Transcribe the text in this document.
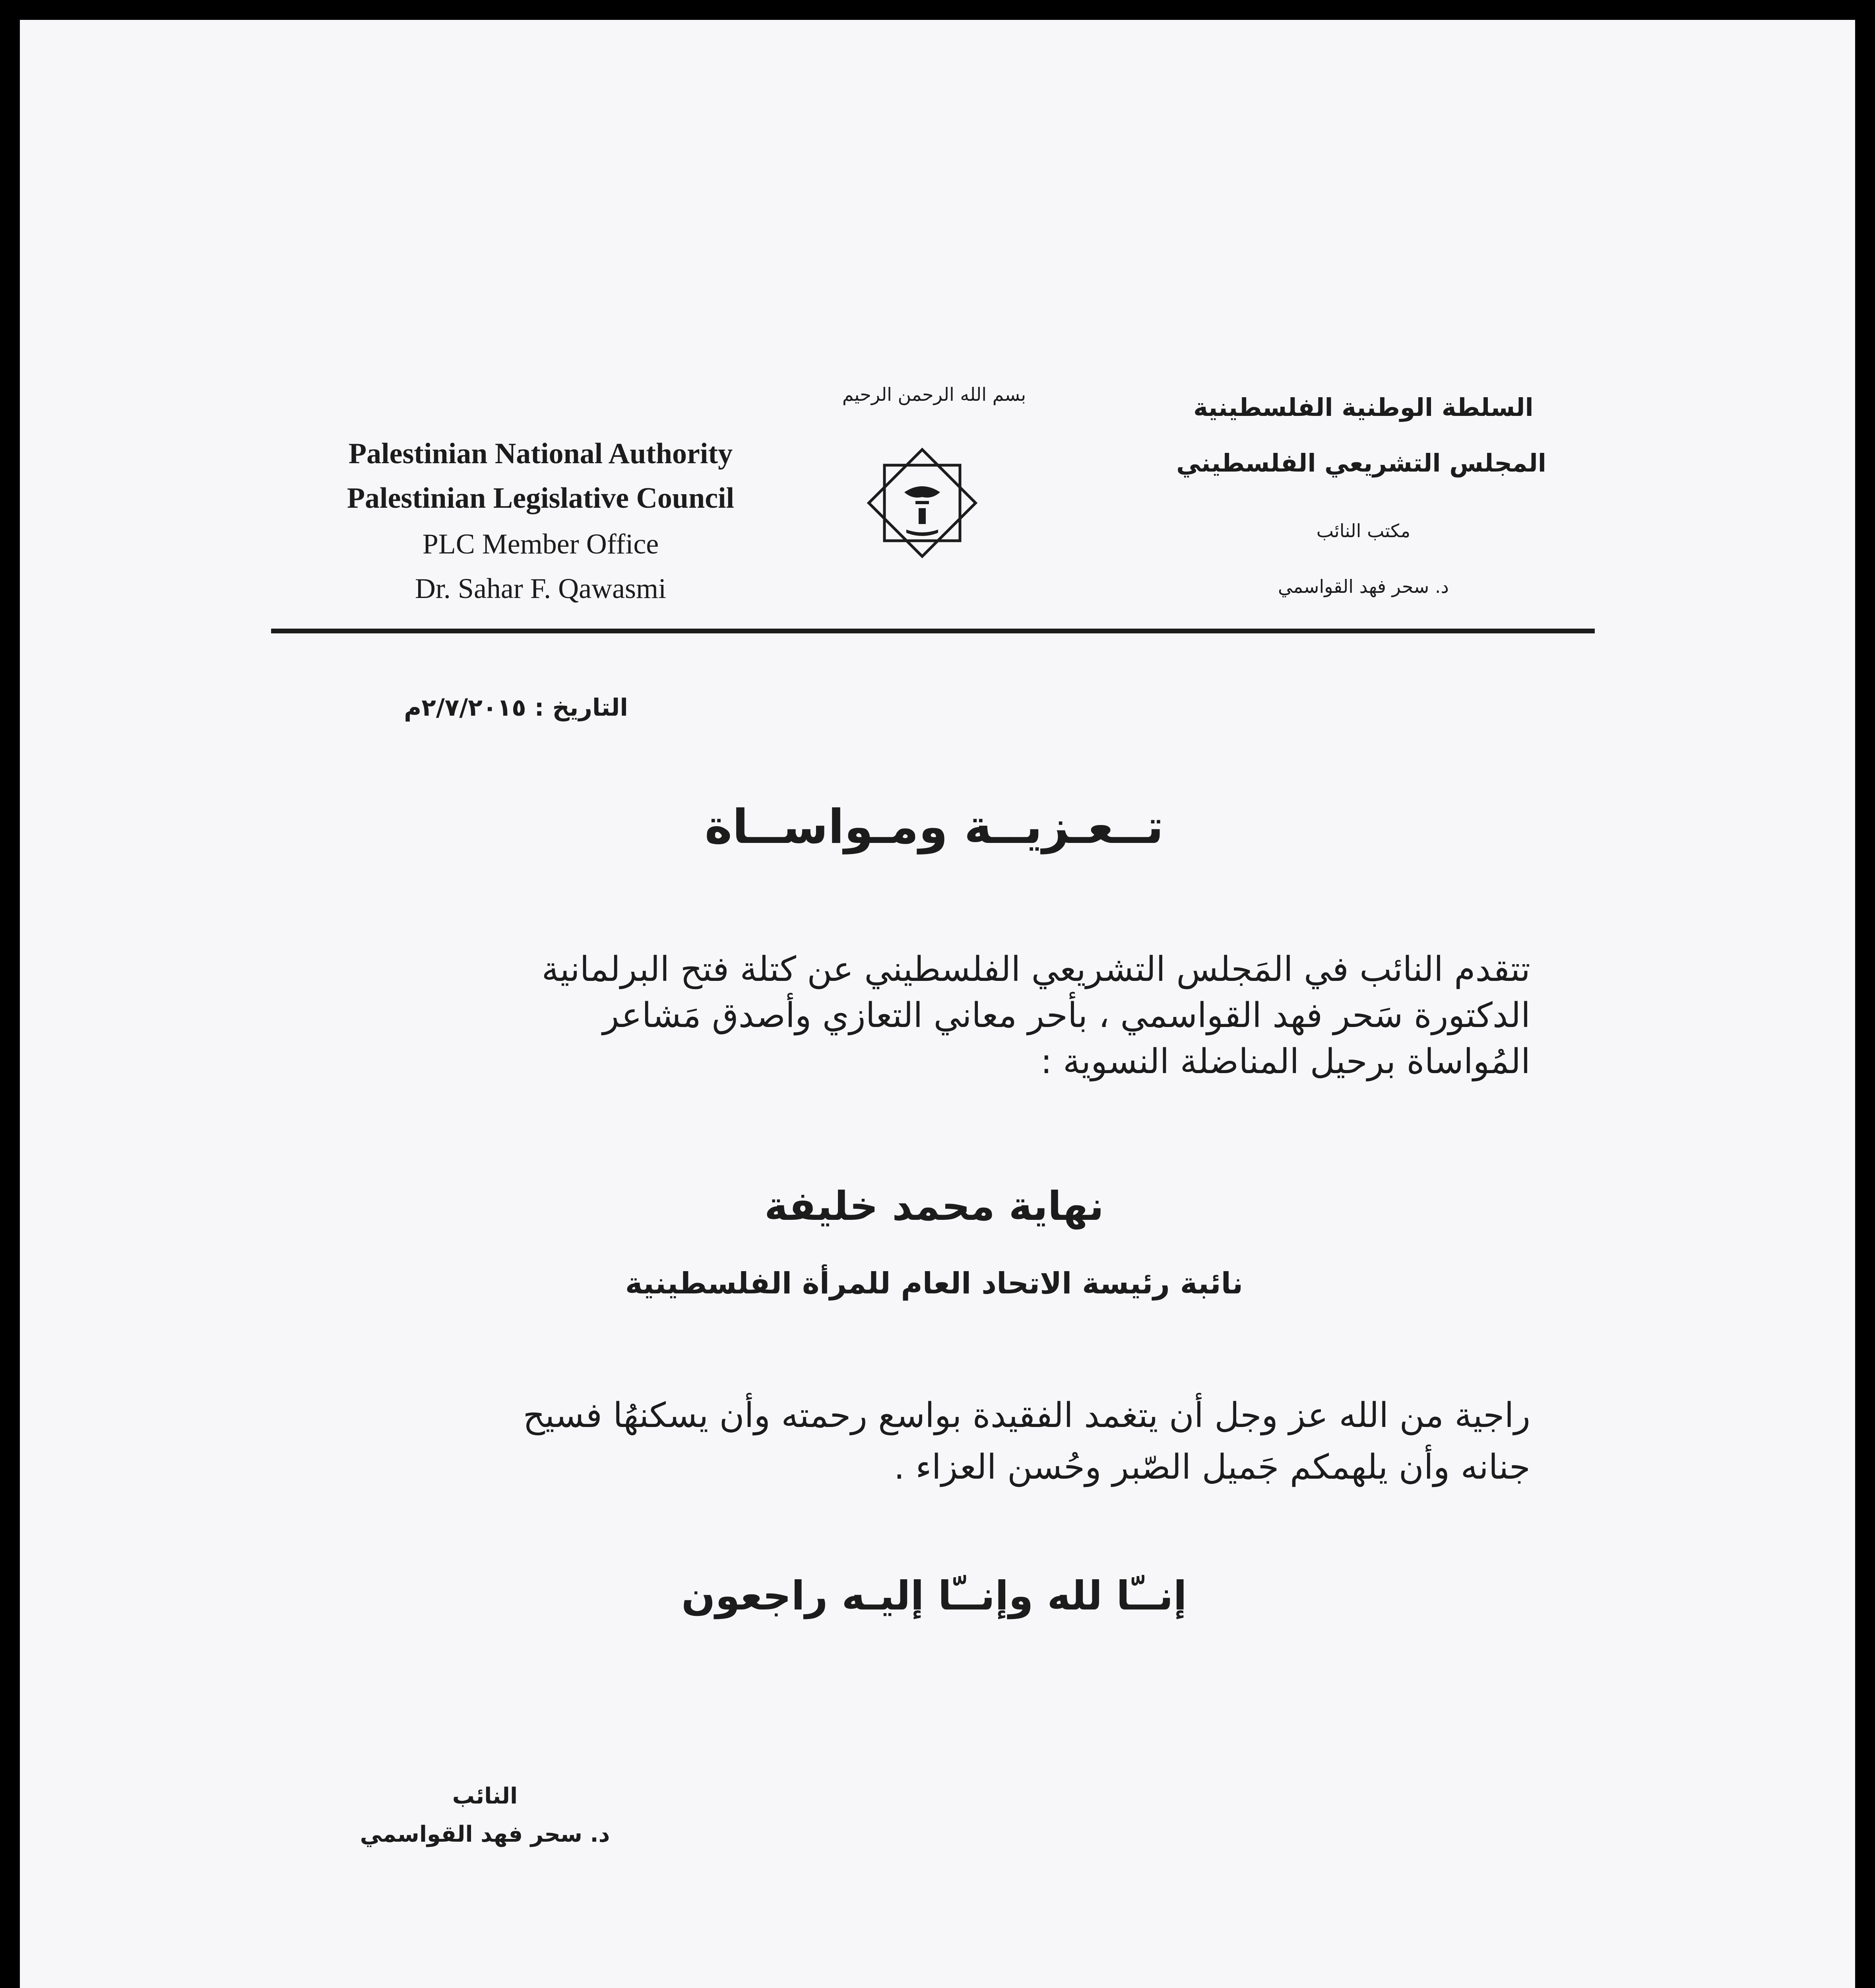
Palestinian National Authority
Palestinian Legislative Council
PLC Member Office
Dr. Sahar F. Qawasmi
بسم الله الرحمن الرحيم	السلطة الوطنية الفلسطينية
المجلس التشريعي الفلسطيني
مكتب النائب
د. سحر فهد القواسمي
التاريخ : ٢/٧/٢٠١٥م
تــعـزيــة ومـواســاة

تتقدم النائب في المَجلس التشريعي الفلسطيني عن كتلة فتح البرلمانية

الدكتورة سَحر فهد القواسمي ، بأحر معاني التعازي وأصدق مَشاعر

المُواساة برحيل المناضلة النسوية :

نهاية محمد خليفة
نائبة رئيسة الاتحاد العام للمرأة الفلسطينية

راجية من الله عز وجل أن يتغمد الفقيدة بواسع رحمته وأن يسكنهُا فسيح

جنانه وأن يلهمكم جَميل الصّبر وحُسن العزاء .

إنــّا لله وإنــّا إليـه راجعون
النائب
د. سحر فهد القواسمي
